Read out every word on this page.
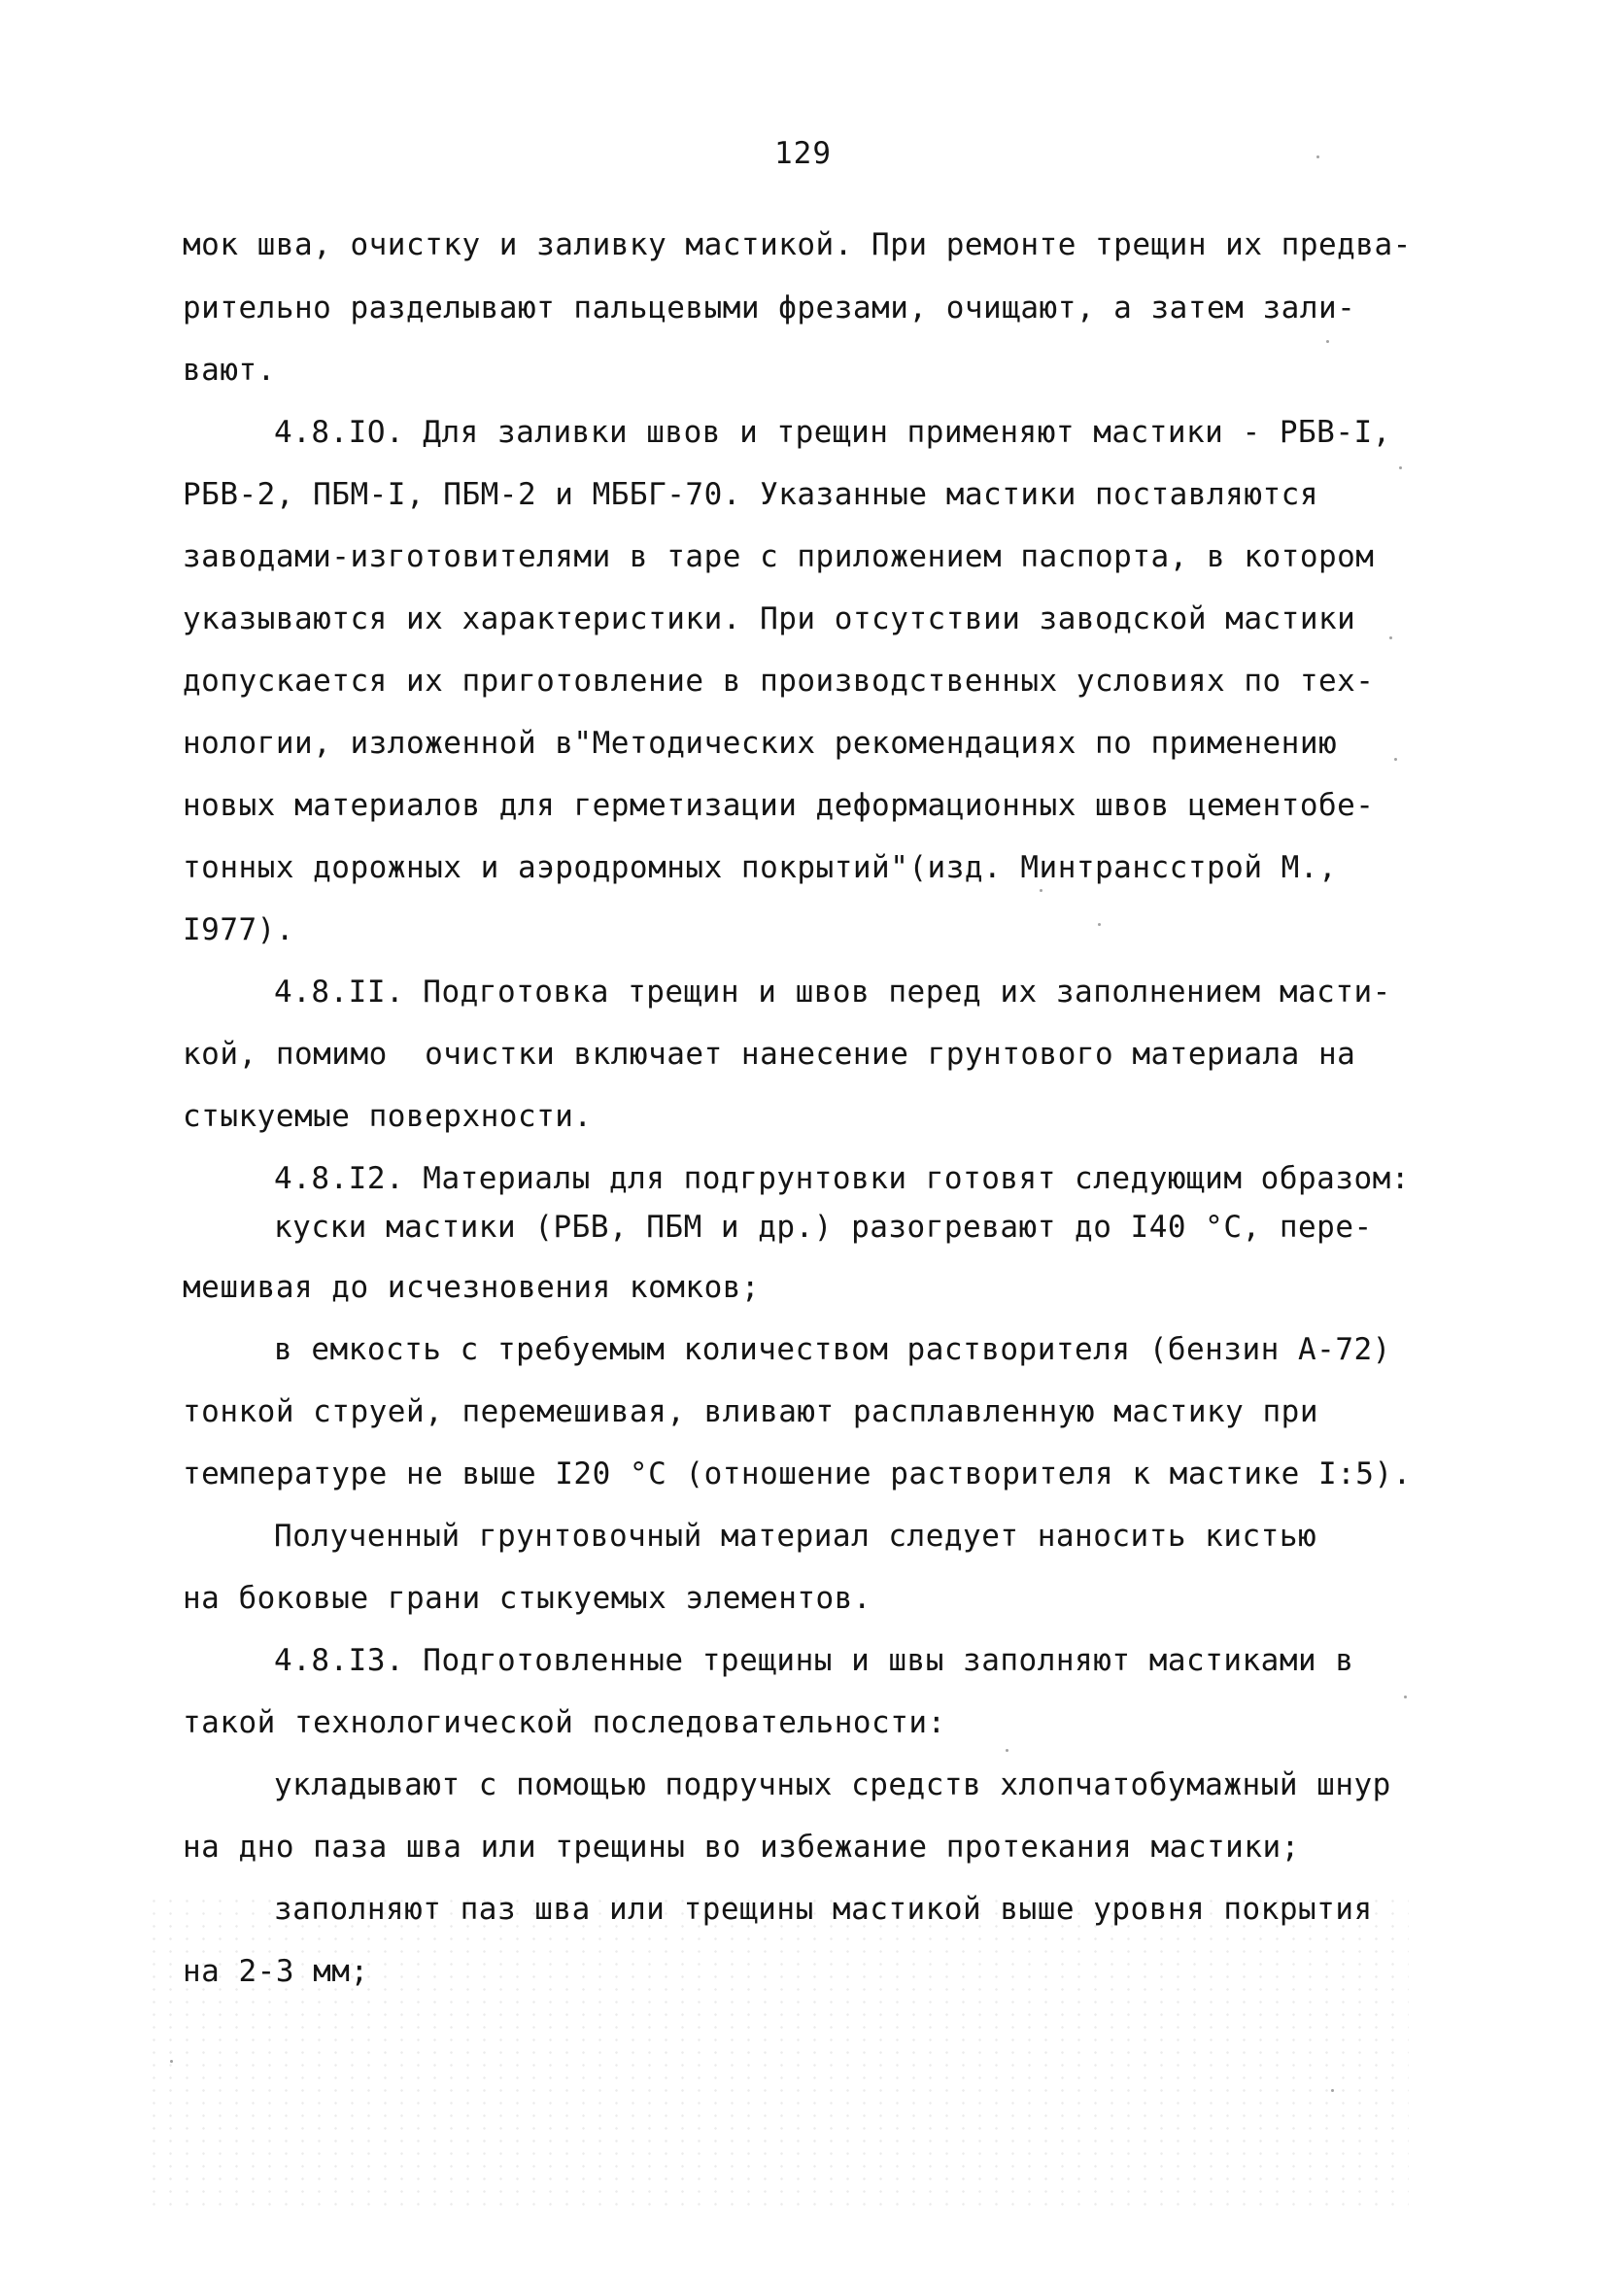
129
мок шва, очистку и заливку мастикой. При ремонте трещин их предва-
рительно разделывают пальцевыми фрезами, очищают, а затем зали-
вают.
4.8.IO. Для заливки швов и трещин применяют мастики - РБВ-I,
РБВ-2, ПБМ-I, ПБМ-2 и МББГ-70. Указанные мастики поставляются
заводами-изготовителями в таре с приложением паспорта, в котором
указываются их характеристики. При отсутствии заводской мастики
допускается их приготовление в производственных условиях по тех-
нологии, изложенной в"Методических рекомендациях по применению
новых материалов для герметизации деформационных швов цементобе-
тонных дорожных и аэродромных покрытий"(изд. Минтрансстрой М.,
I977).
4.8.II. Подготовка трещин и швов перед их заполнением масти-
кой, помимо  очистки включает нанесение грунтового материала на
стыкуемые поверхности.
4.8.I2. Материалы для подгрунтовки готовят следующим образом:
куски мастики (РБВ, ПБМ и др.) разогревают до I40 °С, пере-
мешивая до исчезновения комков;
в емкость с требуемым количеством растворителя (бензин А-72)
тонкой струей, перемешивая, вливают расплавленную мастику при
температуре не выше I20 °С (отношение растворителя к мастике I:5).
Полученный грунтовочный материал следует наносить кистью
на боковые грани стыкуемых элементов.
4.8.I3. Подготовленные трещины и швы заполняют мастиками в
такой технологической последовательности:
укладывают с помощью подручных средств хлопчатобумажный шнур
на дно паза шва или трещины во избежание протекания мастики;
заполняют паз шва или трещины мастикой выше уровня покрытия
на 2-3 мм;
